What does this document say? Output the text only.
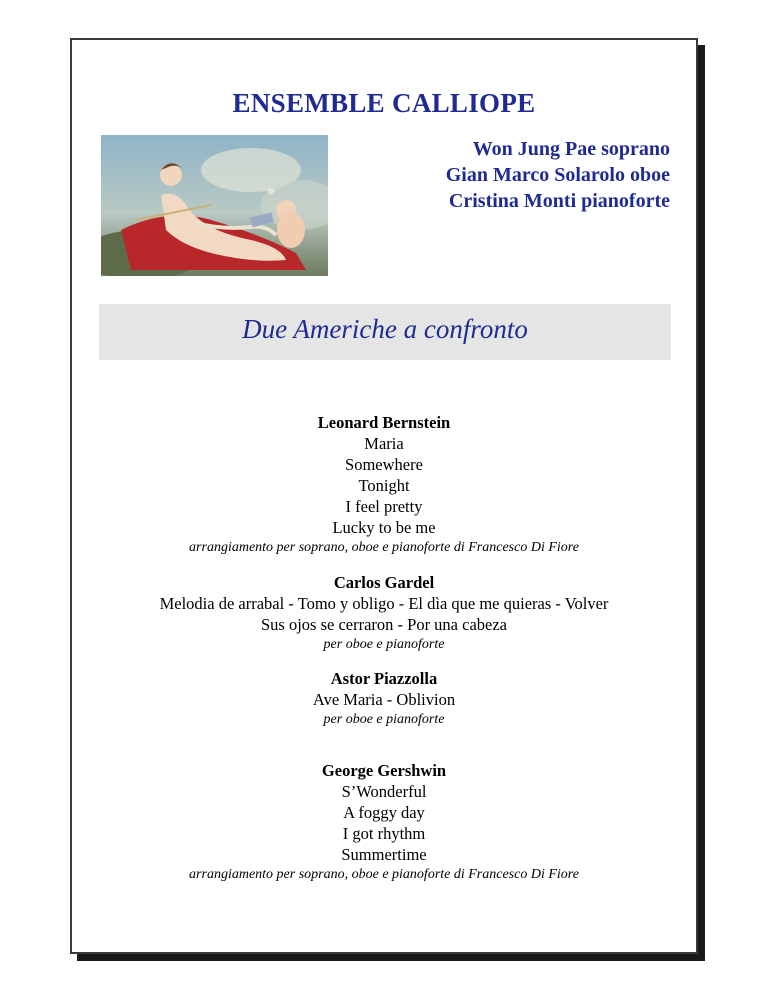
ENSEMBLE CALLIOPE
Won Jung Pae soprano
Gian Marco Solarolo oboe
Cristina Monti pianoforte
Due Americhe a confronto
Leonard Bernstein
Maria
Somewhere
Tonight
I feel pretty
Lucky to be me
arrangiamento per soprano, oboe e pianoforte di Francesco Di Fiore
Carlos Gardel
Melodia de arrabal - Tomo y obligo - El dìa que me quieras - Volver
Sus ojos se cerraron - Por una cabeza
per oboe e pianoforte
Astor Piazzolla
Ave Maria - Oblivion
per oboe e pianoforte
George Gershwin
S’Wonderful
A foggy day
I got rhythm
Summertime
arrangiamento per soprano, oboe e pianoforte di Francesco Di Fiore
